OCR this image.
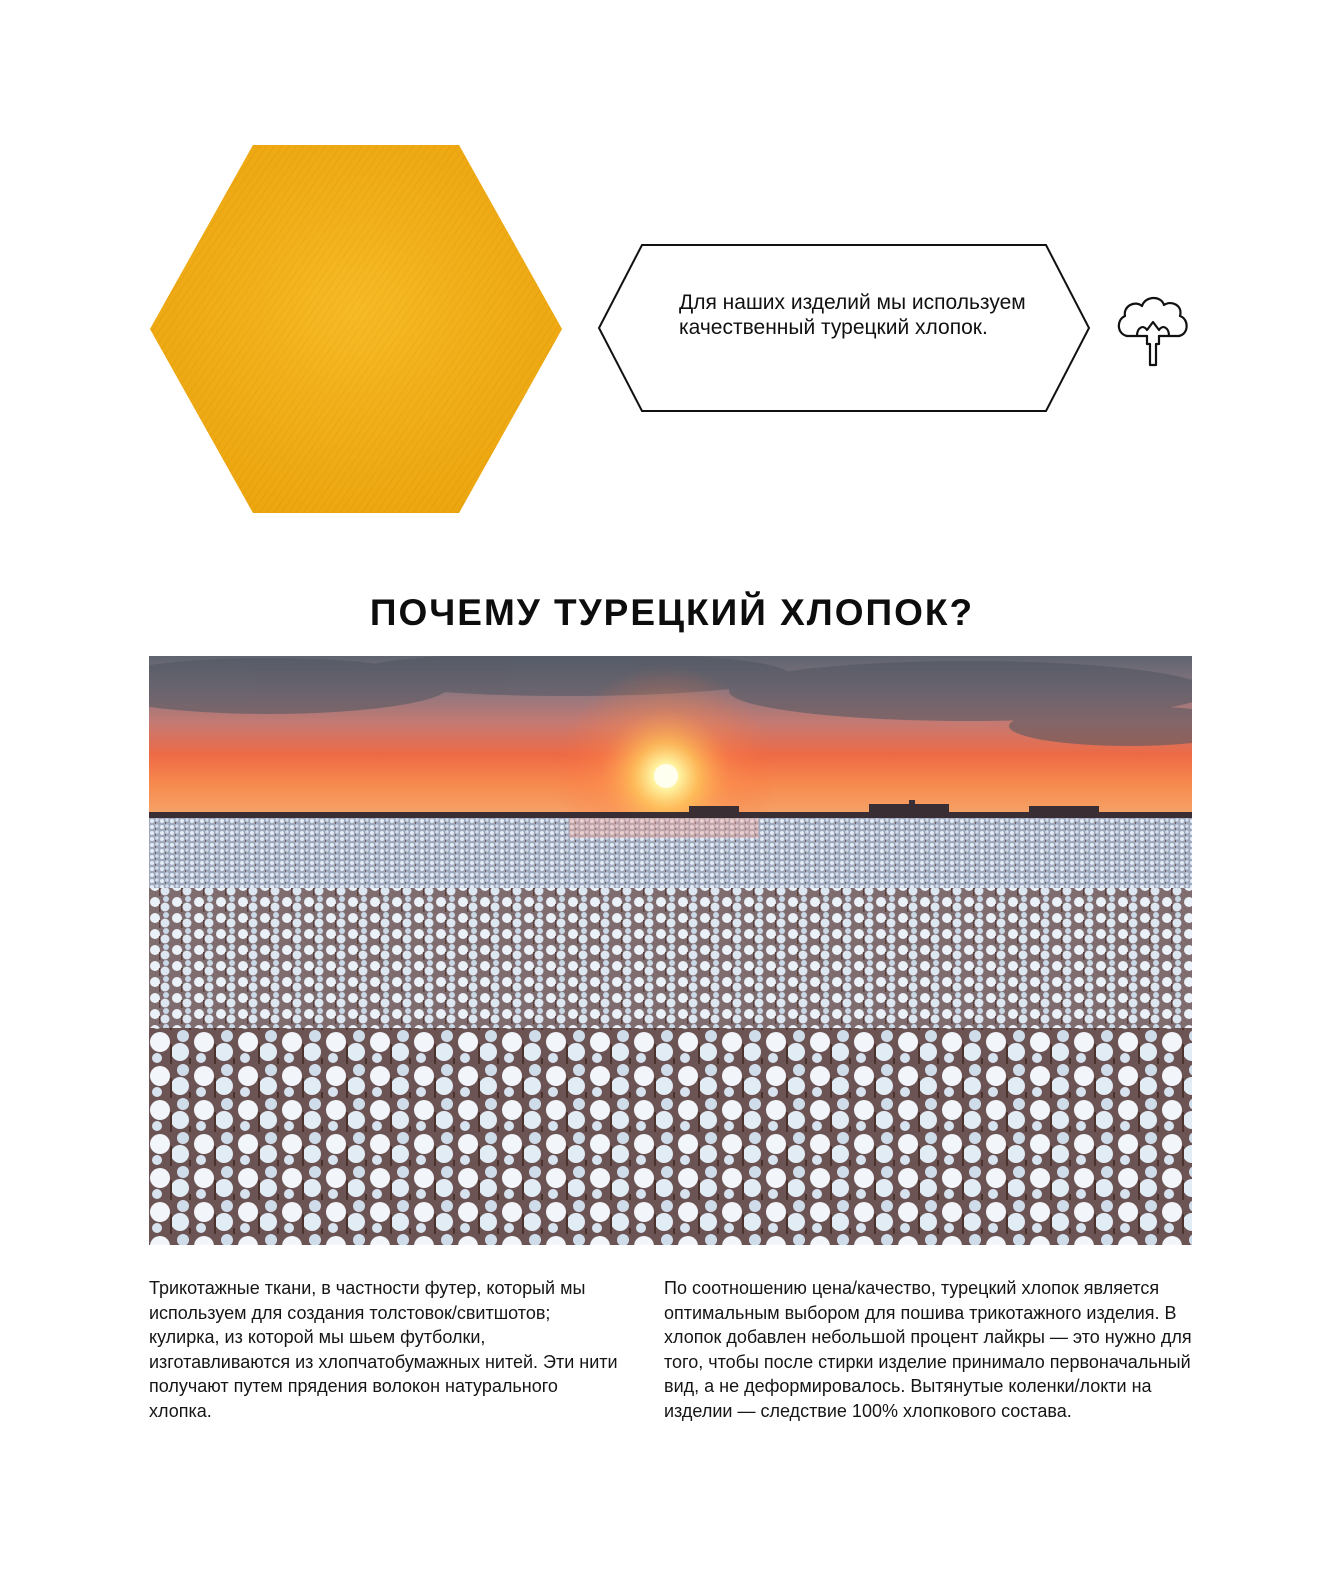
Для наших изделий мы используем качественный турецкий хлопок.

ПОЧЕМУ ТУРЕЦКИЙ ХЛОПОК?

Трикотажные ткани, в частности футер, который мы используем для создания толстовок/свитшотов; кулирка, из которой мы шьем футболки, изготавливаются из хлопчатобумажных нитей. Эти нити получают путем прядения волокон натурального хлопка.

По соотношению цена/качество, турецкий хлопок является оптимальным выбором для пошива трикотажного изделия. В хлопок добавлен небольшой процент лайкры — это нужно для того, чтобы после стирки изделие принимало первоначальный вид, а не деформировалось. Вытянутые коленки/локти на изделии — следствие 100% хлопкового состава.
